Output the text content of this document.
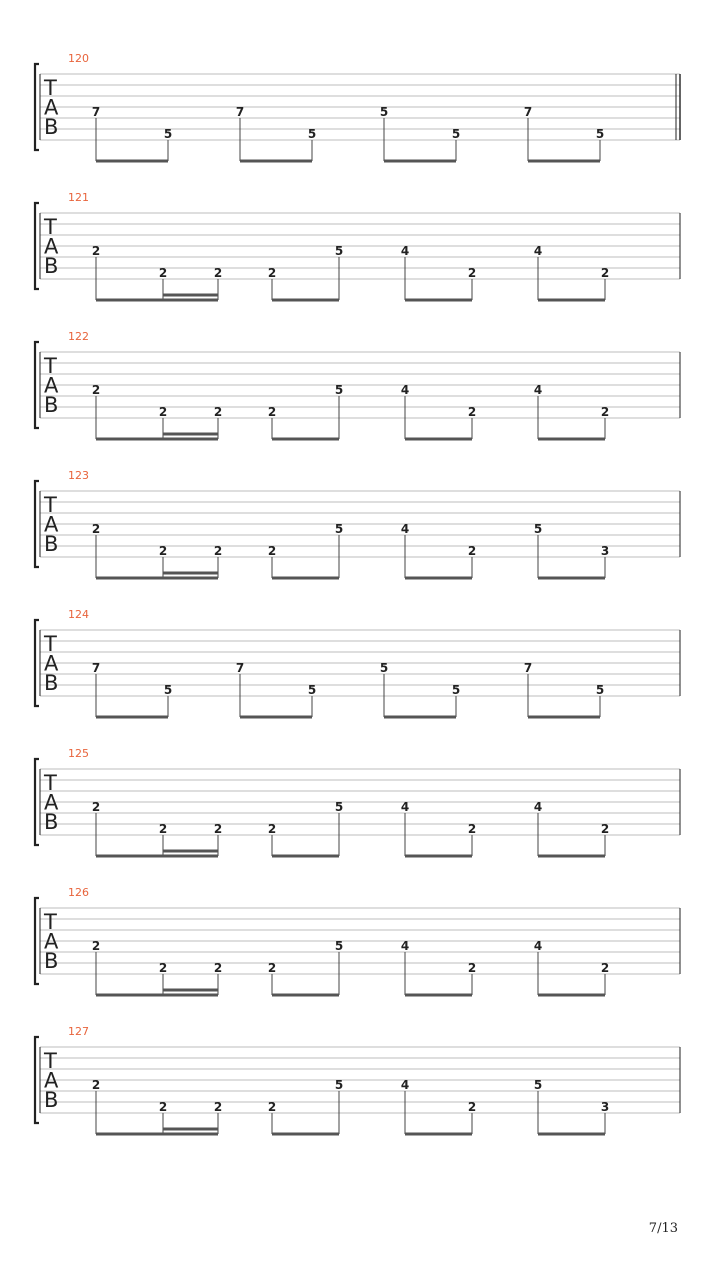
120
T
A
B
7
5
7
5
5
5
7
5
121
T
A
B
2
2	2	2
5	4
2
4
2
122
T
A
B
2
2	2	2
5	4
2
4
2
123
T
A
B
2
2	2	2
5	4
2
5
3
124
T
A
B
7
5
7
5
5
5
7
5
125
T
A
B
2
2	2	2
5	4
2
4
2
126
T
A
B
2
2	2	2
5	4
2
4
2
127
T
A
B
2
2	2	2
5	4
2
5
3
7/13
